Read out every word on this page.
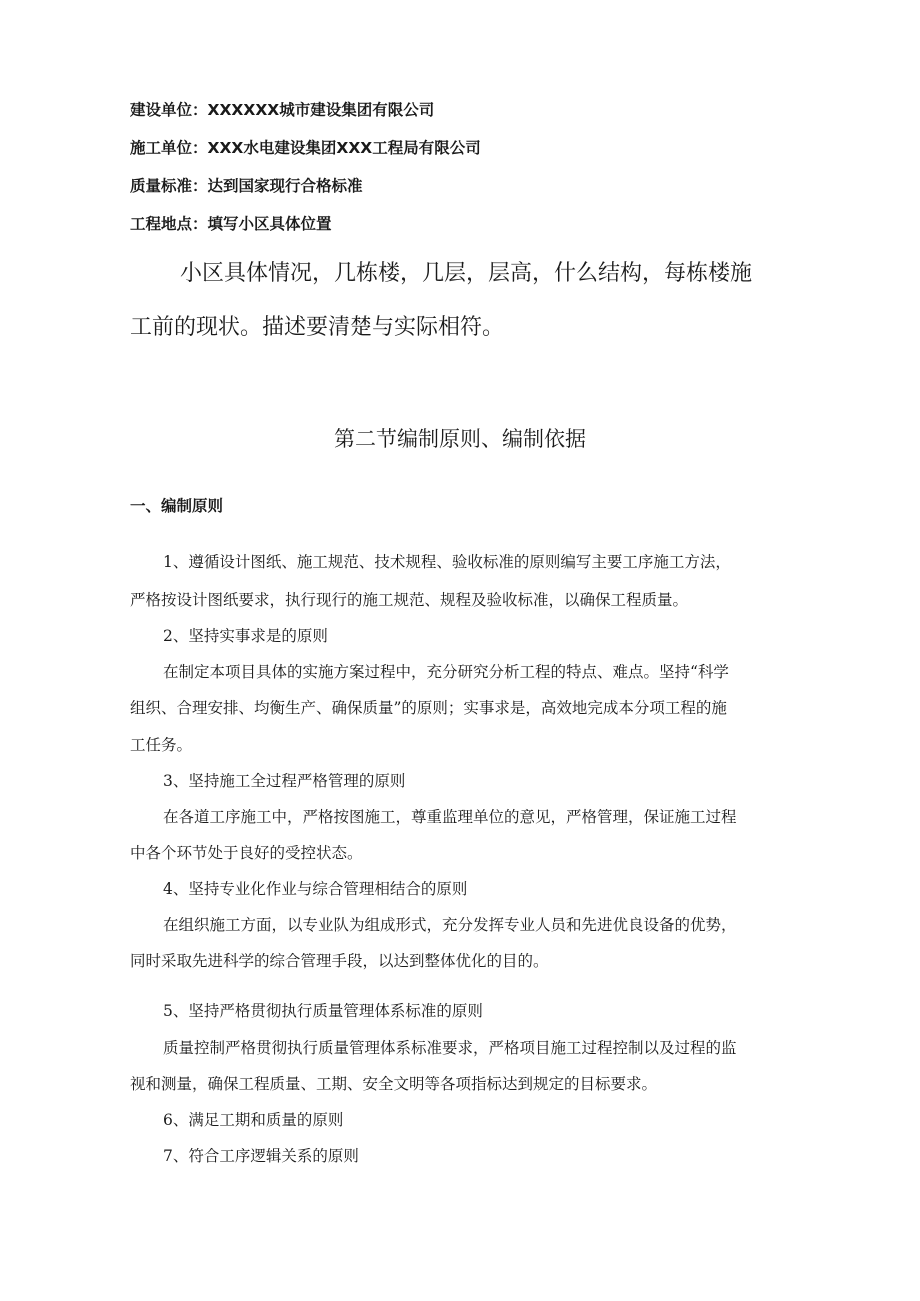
建设单位：XXXXXX城市建设集团有限公司

施工单位：XXX水电建设集团XXX工程局有限公司

质量标准：达到国家现行合格标准

工程地点：填写小区具体位置

小区具体情况，几栋楼，几层，层高，什么结构，每栋楼施

工前的现状。描述要清楚与实际相符。

第二节编制原则、编制依据

一、编制原则

1、遵循设计图纸、施工规范、技术规程、验收标准的原则编写主要工序施工方法，

严格按设计图纸要求，执行现行的施工规范、规程及验收标准，以确保工程质量。

2、坚持实事求是的原则

在制定本项目具体的实施方案过程中，充分研究分析工程的特点、难点。坚持“科学

组织、合理安排、均衡生产、确保质量”的原则；实事求是，高效地完成本分项工程的施

工任务。

3、坚持施工全过程严格管理的原则

在各道工序施工中，严格按图施工，尊重监理单位的意见，严格管理，保证施工过程

中各个环节处于良好的受控状态。

4、坚持专业化作业与综合管理相结合的原则

在组织施工方面，以专业队为组成形式，充分发挥专业人员和先进优良设备的优势，

同时采取先进科学的综合管理手段，以达到整体优化的目的。

5、坚持严格贯彻执行质量管理体系标准的原则

质量控制严格贯彻执行质量管理体系标准要求，严格项目施工过程控制以及过程的监

视和测量，确保工程质量、工期、安全文明等各项指标达到规定的目标要求。

6、满足工期和质量的原则

7、符合工序逻辑关系的原则
